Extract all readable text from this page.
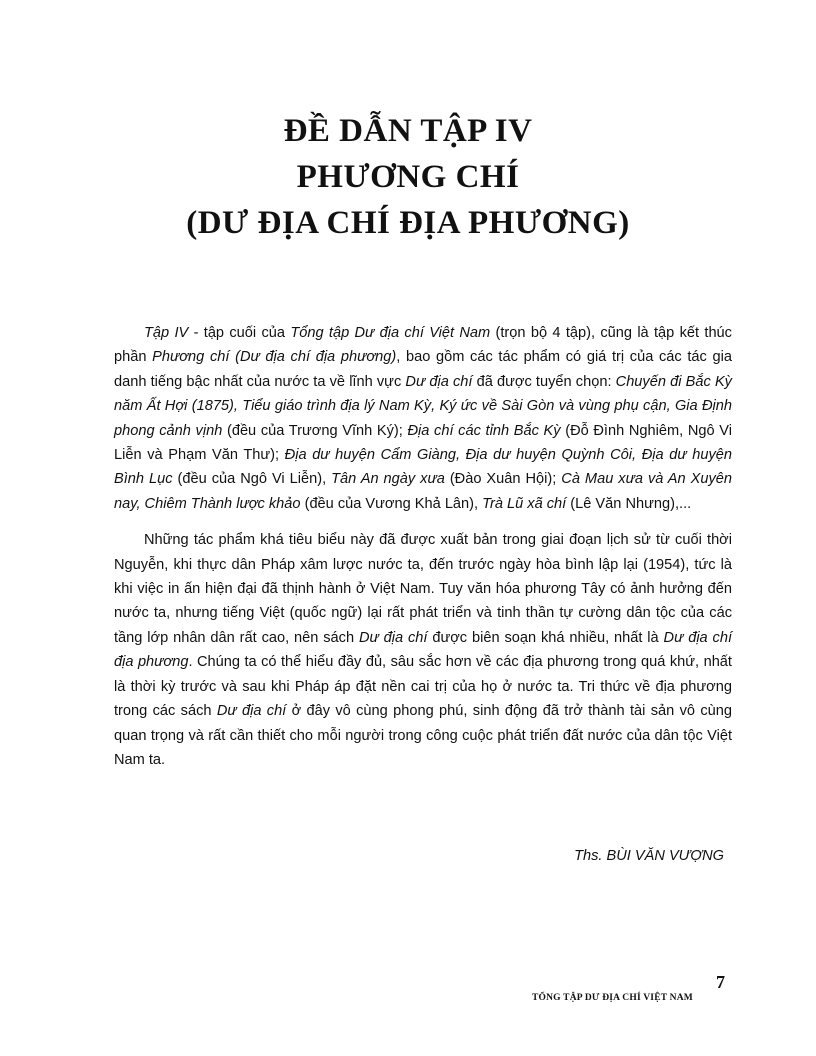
ĐỀ DẪN TẬP IV
PHƯƠNG CHÍ
(DƯ ĐỊA CHÍ ĐỊA PHƯƠNG)

Tập IV - tập cuối của Tổng tập Dư địa chí Việt Nam (trọn bộ 4 tập), cũng là tập kết thúc phần Phương chí (Dư địa chí địa phương), bao gồm các tác phẩm có giá trị của các tác gia danh tiếng bậc nhất của nước ta về lĩnh vực Dư địa chí đã được tuyển chọn: Chuyến đi Bắc Kỳ năm Ất Hợi (1875), Tiểu giáo trình địa lý Nam Kỳ, Ký ức về Sài Gòn và vùng phụ cận, Gia Định phong cảnh vịnh (đều của Trương Vĩnh Ký); Địa chí các tỉnh Bắc Kỳ (Đỗ Đình Nghiêm, Ngô Vi Liễn và Phạm Văn Thư); Địa dư huyện Cẩm Giàng, Địa dư huyện Quỳnh Côi, Địa dư huyện Bình Lục (đều của Ngô Vi Liễn), Tân An ngày xưa (Đào Xuân Hội); Cà Mau xưa và An Xuyên nay, Chiêm Thành lược khảo (đều của Vương Khả Lân), Trà Lũ xã chí (Lê Văn Nhưng),...

Những tác phẩm khá tiêu biểu này đã được xuất bản trong giai đoạn lịch sử từ cuối thời Nguyễn, khi thực dân Pháp xâm lược nước ta, đến trước ngày hòa bình lập lại (1954), tức là khi việc in ấn hiện đại đã thịnh hành ở Việt Nam. Tuy văn hóa phương Tây có ảnh hưởng đến nước ta, nhưng tiếng Việt (quốc ngữ) lại rất phát triển và tinh thần tự cường dân tộc của các tầng lớp nhân dân rất cao, nên sách Dư địa chí được biên soạn khá nhiều, nhất là Dư địa chí địa phương. Chúng ta có thể hiểu đầy đủ, sâu sắc hơn về các địa phương trong quá khứ, nhất là thời kỳ trước và sau khi Pháp áp đặt nền cai trị của họ ở nước ta. Tri thức về địa phương trong các sách Dư địa chí ở đây vô cùng phong phú, sinh động đã trở thành tài sản vô cùng quan trọng và rất cần thiết cho mỗi người trong công cuộc phát triển đất nước của dân tộc Việt Nam ta.

Ths. BÙI VĂN VƯỢNG
7
TỔNG TẬP DƯ ĐỊA CHÍ VIỆT NAM
